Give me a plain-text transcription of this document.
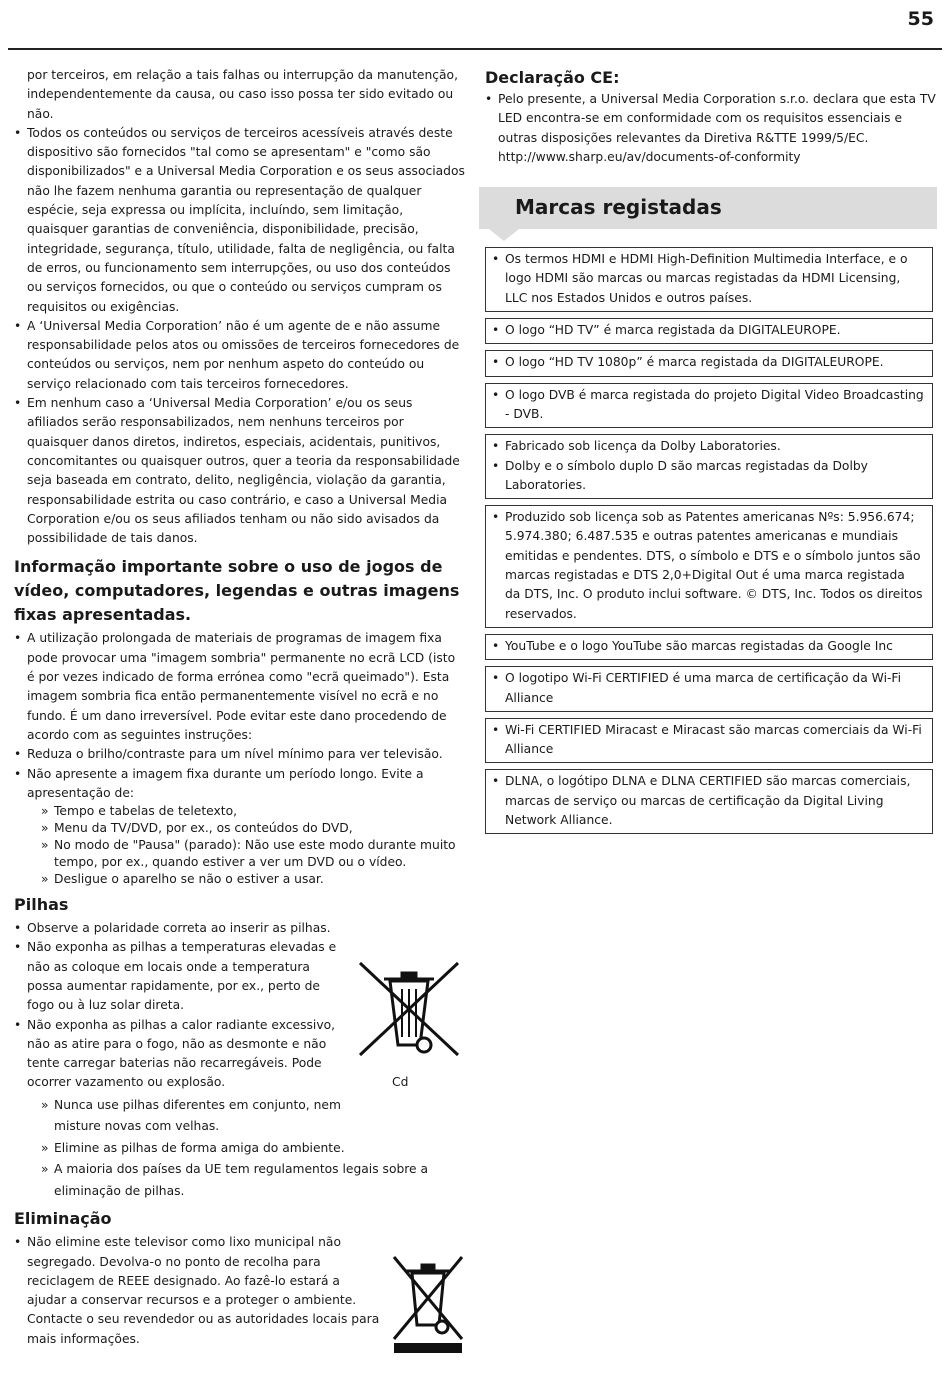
55
por terceiros, em relação a tais falhas ou interrupção da manutenção, independentemente da causa, ou caso isso possa ter sido evitado ou não.
• Todos os conteúdos ou serviços de terceiros acessíveis através deste dispositivo são fornecidos "tal como se apresentam" e "como são disponibilizados" e a Universal Media Corporation e os seus associados não lhe fazem nenhuma garantia ou representação de qualquer espécie, seja expressa ou implícita, incluíndo, sem limitação, quaisquer garantias de conveniência, disponibilidade, precisão, integridade, segurança, título, utilidade, falta de negligência, ou falta de erros, ou funcionamento sem interrupções, ou uso dos conteúdos ou serviços fornecidos, ou que o conteúdo ou serviços cumpram os requisitos ou exigências.
• A ‘Universal Media Corporation’ não é um agente de e não assume responsabilidade pelos atos ou omissões de terceiros fornecedores de conteúdos ou serviços, nem por nenhum aspeto do conteúdo ou serviço relacionado com tais terceiros fornecedores.
• Em nenhum caso a ‘Universal Media Corporation’ e/ou os seus afiliados serão responsabilizados, nem nenhuns terceiros por quaisquer danos diretos, indiretos, especiais, acidentais, punitivos, concomitantes ou quaisquer outros, quer a teoria da responsabilidade seja baseada em contrato, delito, negligência, violação da garantia, responsabilidade estrita ou caso contrário, e caso a Universal Media Corporation e/ou os seus afiliados tenham ou não sido avisados da possibilidade de tais danos.
Informação importante sobre o uso de jogos de vídeo, computadores, legendas e outras imagens fixas apresentadas.
• A utilização prolongada de materiais de programas de imagem fixa pode provocar uma "imagem sombria" permanente no ecrã LCD (isto é por vezes indicado de forma errónea como "ecrã queimado"). Esta imagem sombria fica então permanentemente visível no ecrã e no fundo. É um dano irreversível. Pode evitar este dano procedendo de acordo com as seguintes instruções:
• Reduza o brilho/contraste para um nível mínimo para ver televisão.
• Não apresente a imagem fixa durante um período longo. Evite a apresentação de:
» Tempo e tabelas de teletexto,
» Menu da TV/DVD, por ex., os conteúdos do DVD,
» No modo de "Pausa" (parado): Não use este modo durante muito tempo, por ex., quando estiver a ver um DVD ou o vídeo.
» Desligue o aparelho se não o estiver a usar.
Pilhas
• Observe a polaridade correta ao inserir as pilhas.
• Não exponha as pilhas a temperaturas elevadas e não as coloque em locais onde a temperatura possa aumentar rapidamente, por ex., perto de fogo ou à luz solar direta.
• Não exponha as pilhas a calor radiante excessivo, não as atire para o fogo, não as desmonte e não tente carregar baterias não recarregáveis. Pode ocorrer vazamento ou explosão.	Cd
» Nunca use pilhas diferentes em conjunto, nem misture novas com velhas.
» Elimine as pilhas de forma amiga do ambiente.
» A maioria dos países da UE tem regulamentos legais sobre a eliminação de pilhas.
Eliminação
• Não elimine este televisor como lixo municipal não segregado. Devolva-o no ponto de recolha para reciclagem de REEE designado. Ao fazê-lo estará a ajudar a conservar recursos e a proteger o ambiente. Contacte o seu revendedor ou as autoridades locais para mais informações.
Declaração CE:
• Pelo presente, a Universal Media Corporation s.r.o. declara que esta TV LED encontra-se em conformidade com os requisitos essenciais e outras disposições relevantes da Diretiva R&TTE 1999/5/EC. http://www.sharp.eu/av/documents-of-conformity
Marcas registadas
• Os termos HDMI e HDMI High-Definition Multimedia Interface, e o logo HDMI são marcas ou marcas registadas da HDMI Licensing, LLC nos Estados Unidos e outros países.
• O logo “HD TV” é marca registada da DIGITALEUROPE.
• O logo “HD TV 1080p” é marca registada da DIGITALEUROPE.
• O logo DVB é marca registada do projeto Digital Video Broadcasting - DVB.
• Fabricado sob licença da Dolby Laboratories.
• Dolby e o símbolo duplo D são marcas registadas da Dolby Laboratories.
• Produzido sob licença sob as Patentes americanas Nºs: 5.956.674; 5.974.380; 6.487.535 e outras patentes americanas e mundiais emitidas e pendentes. DTS, o símbolo e DTS e o símbolo juntos são marcas registadas e DTS 2,0+Digital Out é uma marca registada da DTS, Inc. O produto inclui software. © DTS, Inc. Todos os direitos reservados.
• YouTube e o logo YouTube são marcas registadas da Google Inc
• O logotipo Wi-Fi CERTIFIED é uma marca de certificação da Wi-Fi Alliance
• Wi-Fi CERTIFIED Miracast e Miracast são marcas comerciais da Wi-Fi Alliance
• DLNA, o logótipo DLNA e DLNA CERTIFIED são marcas comerciais, marcas de serviço ou marcas de certificação da Digital Living Network Alliance.
